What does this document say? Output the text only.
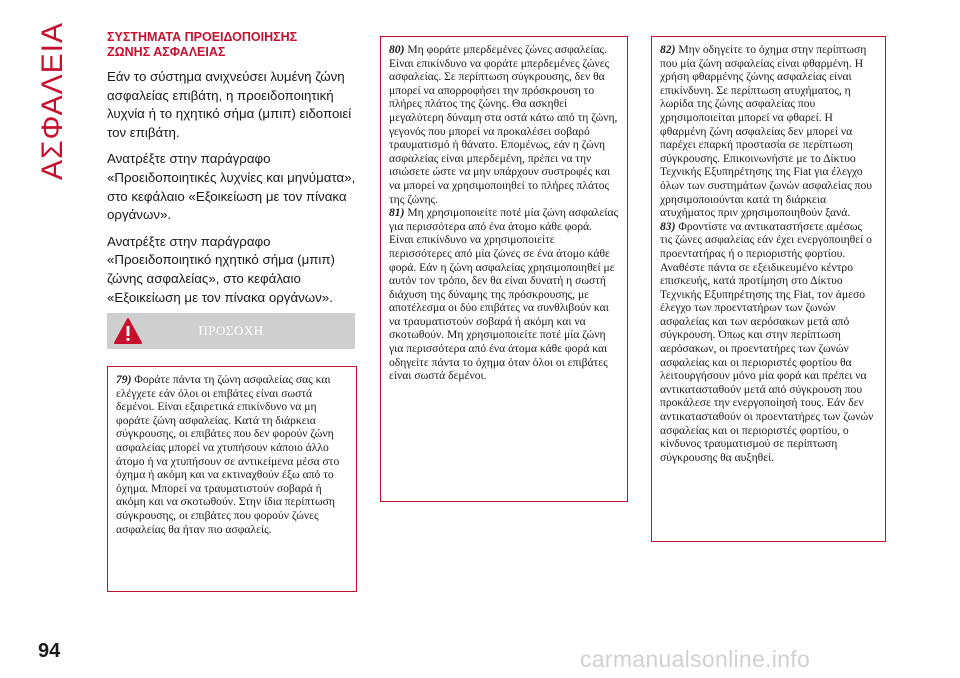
ΑΣΦΑΛΕΙΑ	ΣΥΣΤΗΜΑΤΑ ΠΡΟΕΙΔΟΠΟΙΗΣΗΣ
ΖΩΝΗΣ ΑΣΦΑΛΕΙΑΣ

Εάν το σύστημα ανιχνεύσει λυμένη ζώνη ασφαλείας επιβάτη, η προειδοποιητική λυχνία ή το ηχητικό σήμα (μπιπ) ειδοποιεί τον επιβάτη.

Ανατρέξτε στην παράγραφο «Προειδοποιητικές λυχνίες και μηνύματα», στο κεφάλαιο «Εξοικείωση με τον πίνακα οργάνων».

Ανατρέξτε στην παράγραφο «Προειδοποιητικό ηχητικό σήμα (μπιπ) ζώνης ασφαλείας», στο κεφάλαιο «Εξοικείωση με τον πίνακα οργάνων».

ΠΡΟΣΟΧΗ

79) Φοράτε πάντα τη ζώνη ασφαλείας σας και ελέγχετε εάν όλοι οι επιβάτες είναι σωστά δεμένοι. Είναι εξαιρετικά επικίνδυνο να μη φοράτε ζώνη ασφαλείας. Κατά τη διάρκεια σύγκρουσης, οι επιβάτες που δεν φορούν ζώνη ασφαλείας μπορεί να χτυπήσουν κάποιο άλλο άτομο ή να χτυπήσουν σε αντικείμενα μέσα στο όχημα ή ακόμη και να εκτιναχθούν έξω από το όχημα. Μπορεί να τραυματιστούν σοβαρά ή ακόμη και να σκοτωθούν. Στην ίδια περίπτωση σύγκρουσης, οι επιβάτες που φορούν ζώνες ασφαλείας θα ήταν πιο ασφαλείς.

80) Μη φοράτε μπερδεμένες ζώνες ασφαλείας. Είναι επικίνδυνο να φοράτε μπερδεμένες ζώνες ασφαλείας. Σε περίπτωση σύγκρουσης, δεν θα μπορεί να απορροφήσει την πρόσκρουση το πλήρες πλάτος της ζώνης. Θα ασκηθεί μεγαλύτερη δύναμη στα οστά κάτω από τη ζώνη, γεγονός που μπορεί να προκαλέσει σοβαρό τραυματισμό ή θάνατο. Επομένως, εάν η ζώνη ασφαλείας είναι μπερδεμένη, πρέπει να την ισιώσετε ώστε να μην υπάρχουν συστροφές και να μπορεί να χρησιμοποιηθεί το πλήρες πλάτος της ζώνης.

81) Μη χρησιμοποιείτε ποτέ μία ζώνη ασφαλείας για περισσότερα από ένα άτομο κάθε φορά. Είναι επικίνδυνο να χρησιμοποιείτε περισσότερες από μία ζώνες σε ένα άτομο κάθε φορά. Εάν η ζώνη ασφαλείας χρησιμοποιηθεί με αυτόν τον τρόπο, δεν θα είναι δυνατή η σωστή διάχυση της δύναμης της πρόσκρουσης, με αποτέλεσμα οι δύο επιβάτες να συνθλιβούν και να τραυματιστούν σοβαρά ή ακόμη και να σκοτωθούν. Μη χρησιμοποιείτε ποτέ μία ζώνη για περισσότερα από ένα άτομα κάθε φορά και οδηγείτε πάντα το όχημα όταν όλοι οι επιβάτες είναι σωστά δεμένοι.

82) Μην οδηγείτε το όχημα στην περίπτωση που μία ζώνη ασφαλείας είναι φθαρμένη. Η χρήση φθαρμένης ζώνης ασφαλείας είναι επικίνδυνη. Σε περίπτωση ατυχήματος, η λωρίδα της ζώνης ασφαλείας που χρησιμοποιείται μπορεί να φθαρεί. Η φθαρμένη ζώνη ασφαλείας δεν μπορεί να παρέχει επαρκή προστασία σε περίπτωση σύγκρουσης. Επικοινωνήστε με το Δίκτυο Τεχνικής Εξυπηρέτησης της Fiat για έλεγχο όλων των συστημάτων ζωνών ασφαλείας που χρησιμοποιούνται κατά τη διάρκεια ατυχήματος πριν χρησιμοποιηθούν ξανά.

83) Φροντίστε να αντικαταστήσετε αμέσως τις ζώνες ασφαλείας εάν έχει ενεργοποιηθεί ο προεντατήρας ή ο περιοριστής φορτίου. Αναθέστε πάντα σε εξειδικευμένο κέντρο επισκευής, κατά προτίμηση στο Δίκτυο Τεχνικής Εξυπηρέτησης της Fiat, τον άμεσο έλεγχο των προεντατήρων των ζωνών ασφαλείας και των αερόσακων μετά από σύγκρουση. Όπως και στην περίπτωση αερόσακων, οι προεντατήρες των ζωνών ασφαλείας και οι περιοριστές φορτίου θα λειτουργήσουν μόνο μία φορά και πρέπει να αντικατασταθούν μετά από σύγκρουση που προκάλεσε την ενεργοποίησή τους. Εάν δεν αντικατασταθούν οι προεντατήρες των ζωνών ασφαλείας και οι περιοριστές φορτίου, ο κίνδυνος τραυματισμού σε περίπτωση σύγκρουσης θα αυξηθεί.

94	carmanualsonline.info
